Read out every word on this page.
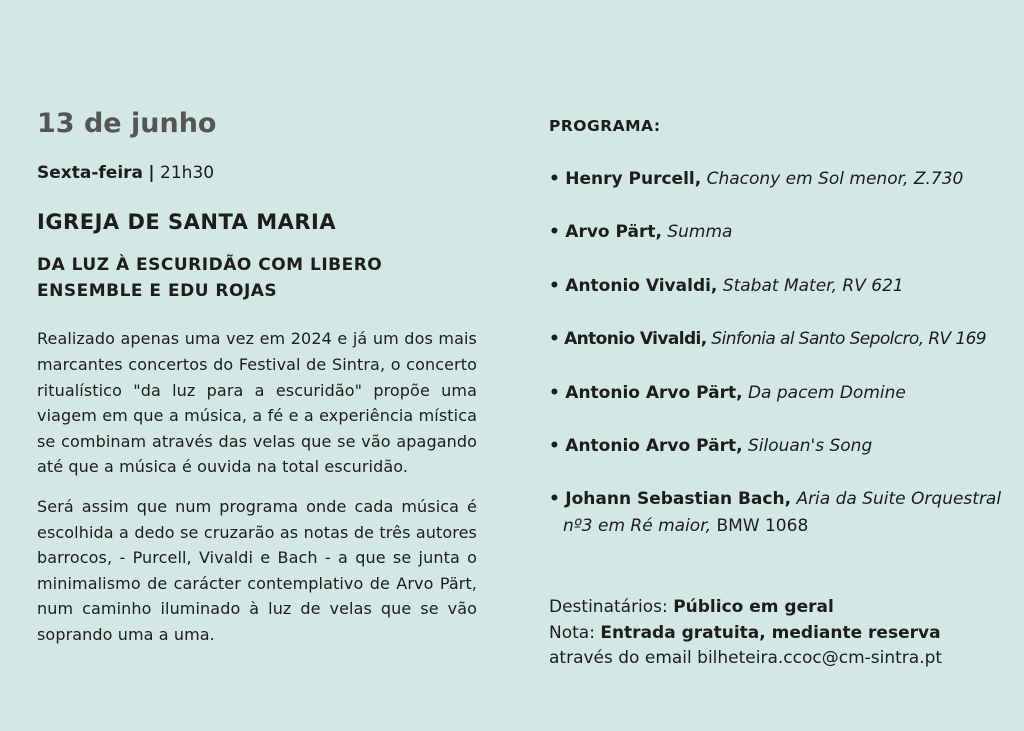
13 de junho
Sexta-feira | 21h30
IGREJA DE SANTA MARIA
DA LUZ À ESCURIDÃO COM LIBERO ENSEMBLE E EDU ROJAS

Realizado apenas uma vez em 2024 e já um dos mais marcantes concertos do Festival de Sintra, o concerto ritualístico "da luz para a escuridão" propõe uma viagem em que a música, a fé e a experiência mística se combinam através das velas que se vão apagando até que a música é ouvida na total escuridão.

Será assim que num programa onde cada música é escolhida a dedo se cruzarão as notas de três autores barrocos, - Purcell, Vivaldi e Bach - a que se junta o minimalismo de carácter contemplativo de Arvo Pärt, num caminho iluminado à luz de velas que se vão soprando uma a uma.

PROGRAMA:
• Henry Purcell, Chacony em Sol menor, Z.730
• Arvo Pärt, Summa
• Antonio Vivaldi, Stabat Mater, RV 621
• Antonio Vivaldi, Sinfonia al Santo Sepolcro, RV 169
• Antonio Arvo Pärt, Da pacem Domine
• Antonio Arvo Pärt, Silouan's Song
• Johann Sebastian Bach, Aria da Suite Orquestral nº3 em Ré maior, BMW 1068
Destinatários: Público em geral
Nota: Entrada gratuita, mediante reserva
através do email bilheteira.ccoc@cm-sintra.pt
